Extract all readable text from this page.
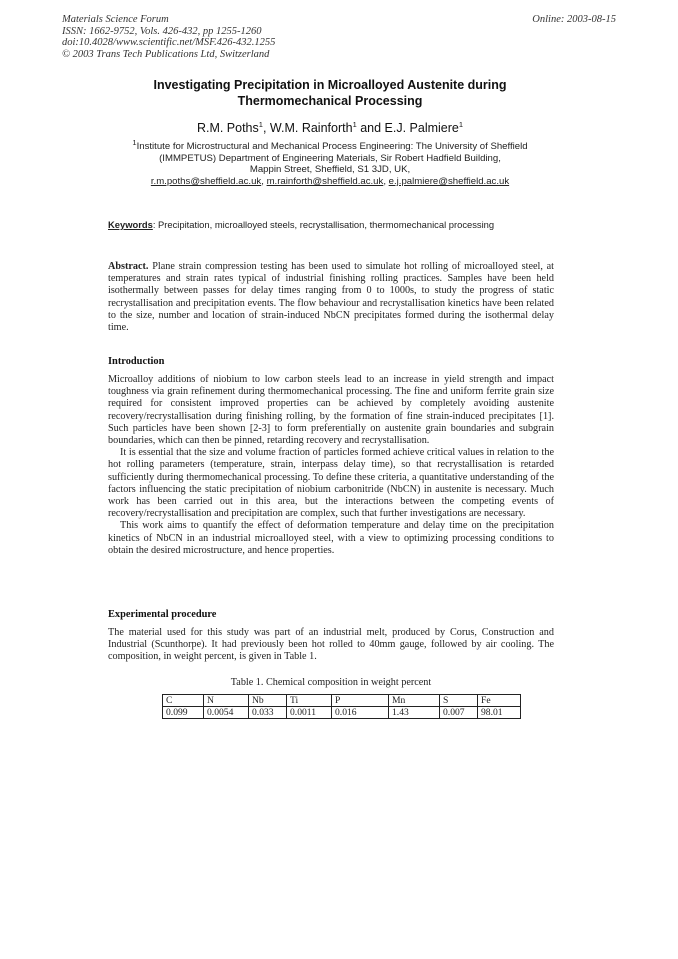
Materials Science Forum
ISSN: 1662-9752, Vols. 426-432, pp 1255-1260
doi:10.4028/www.scientific.net/MSF.426-432.1255
© 2003 Trans Tech Publications Ltd, Switzerland
Online: 2003-08-15
Investigating Precipitation in Microalloyed Austenite during
Thermomechanical Processing
R.M. Poths$^1$, W.M. Rainforth$^1$ and E.J. Palmiere$^1$
$^1$Institute for Microstructural and Mechanical Process Engineering: The University of Sheffield
(IMMPETUS) Department of Engineering Materials, Sir Robert Hadfield Building,
Mappin Street, Sheffield, S1 3JD, UK,
r.m.poths@sheffield.ac.uk, m.rainforth@sheffield.ac.uk, e.j.palmiere@sheffield.ac.uk
Keywords: Precipitation, microalloyed steels, recrystallisation, thermomechanical processing
Abstract. Plane strain compression testing has been used to simulate hot rolling of microalloyed steel, at temperatures and strain rates typical of industrial finishing rolling practices. Samples have been held isothermally between passes for delay times ranging from 0 to 1000s, to study the progress of static recrystallisation and precipitation events. The flow behaviour and recrystallisation kinetics have been related to the size, number and location of strain-induced NbCN precipitates formed during the isothermal delay time.
Introduction

Microalloy additions of niobium to low carbon steels lead to an increase in yield strength and impact toughness via grain refinement during thermomechanical processing. The fine and uniform ferrite grain size required for consistent improved properties can be achieved by completely avoiding austenite recovery/recrystallisation during finishing rolling, by the formation of fine strain-induced precipitates [1]. Such particles have been shown [2-3] to form preferentially on austenite grain boundaries and subgrain boundaries, which can then be pinned, retarding recovery and recrystallisation.

It is essential that the size and volume fraction of particles formed achieve critical values in relation to the hot rolling parameters (temperature, strain, interpass delay time), so that recrystallisation is retarded sufficiently during thermomechanical processing. To define these criteria, a quantitative understanding of the factors influencing the static precipitation of niobium carbonitride (NbCN) in austenite is necessary. Much work has been carried out in this area, but the interactions between the competing events of recovery/recrystallisation and precipitation are complex, such that further investigations are necessary.

This work aims to quantify the effect of deformation temperature and delay time on the precipitation kinetics of NbCN in an industrial microalloyed steel, with a view to optimizing processing conditions to obtain the desired microstructure, and hence properties.

Experimental procedure
The material used for this study was part of an industrial melt, produced by Corus, Construction and Industrial (Scunthorpe). It had previously been hot rolled to 40mm gauge, followed by air cooling. The composition, in weight percent, is given in Table 1.
Table 1. Chemical composition in weight percent
C	N	Nb	Ti	P	Mn	S	Fe
0.099	0.0054	0.033	0.0011	0.016	1.43	0.007	98.01
